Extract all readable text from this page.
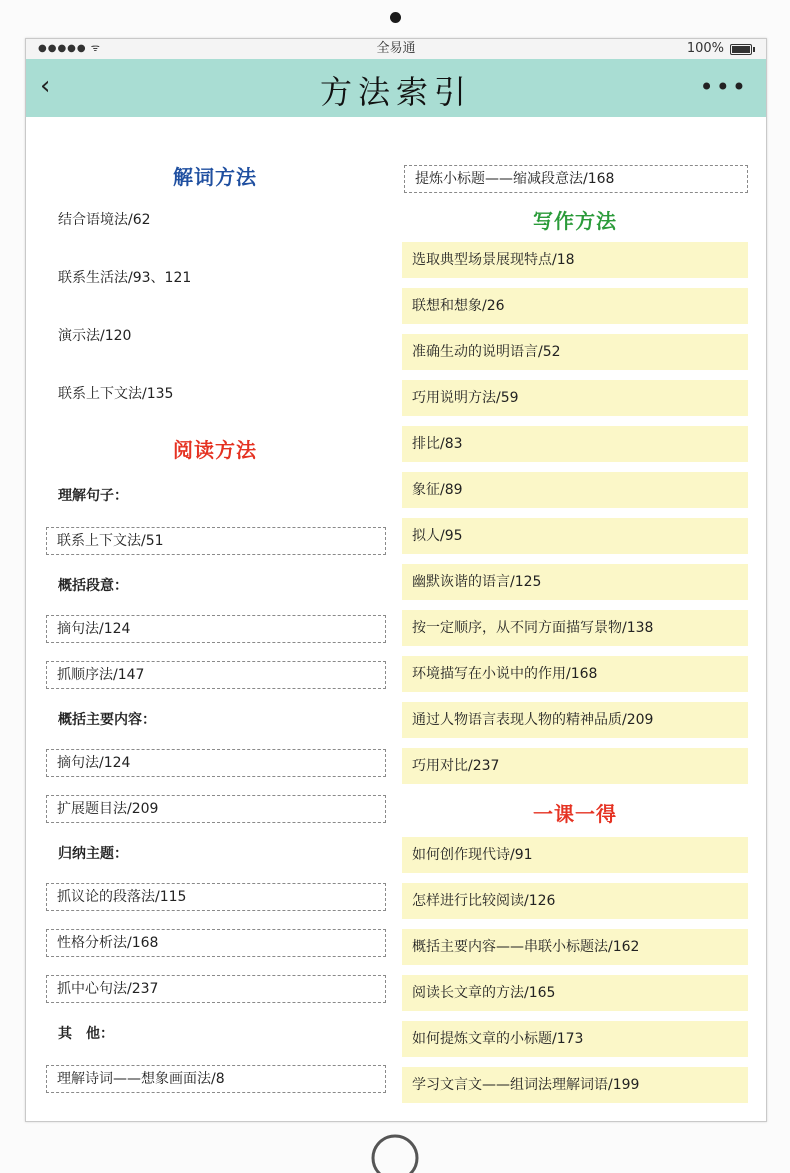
●●●●● ᯤ	全易通	100%
‹	方法索引	•••
解词方法
结合语境法/62
联系生活法/93、121
演示法/120
联系上下文法/135
阅读方法
理解句子：
联系上下文法/51
概括段意：
摘句法/124
抓顺序法/147
概括主要内容：
摘句法/124
扩展题目法/209
归纳主题：
抓议论的段落法/115
性格分析法/168
抓中心句法/237
其　他：
理解诗词——想象画面法/8
提炼小标题——缩减段意法/168
写作方法
选取典型场景展现特点/18
联想和想象/26
准确生动的说明语言/52
巧用说明方法/59
排比/83
象征/89
拟人/95
幽默诙谐的语言/125
按一定顺序，从不同方面描写景物/138
环境描写在小说中的作用/168
通过人物语言表现人物的精神品质/209
巧用对比/237
一课一得
如何创作现代诗/91
怎样进行比较阅读/126
概括主要内容——串联小标题法/162
阅读长文章的方法/165
如何提炼文章的小标题/173
学习文言文——组词法理解词语/199
